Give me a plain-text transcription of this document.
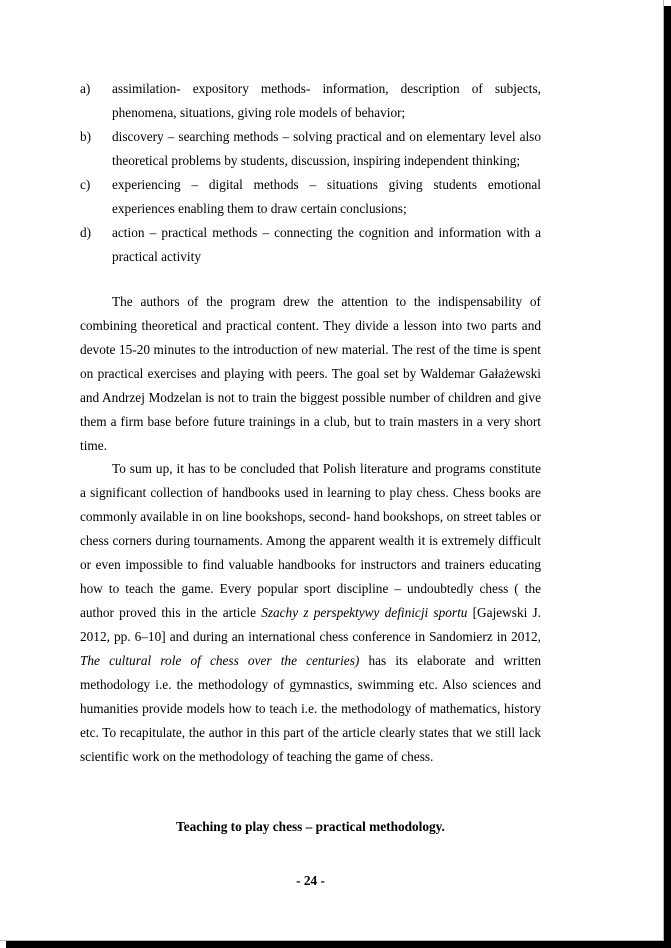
a)	assimilation- expository methods- information, description of subjects, phenomena, situations, giving role models of behavior;
b)	discovery – searching methods – solving practical and on elementary level also theoretical problems by students, discussion, inspiring independent thinking;
c)	experiencing – digital methods – situations giving students emotional experiences enabling them to draw certain conclusions;
d)	action – practical methods – connecting the cognition and information with a practical activity
The authors of the program drew the attention to the indispensability of combining theoretical and practical content. They divide a lesson into two parts and devote 15-20 minutes to the introduction of new material. The rest of the time is spent on practical exercises and playing with peers. The goal set by Waldemar Gałażewski and Andrzej Modzelan is not to train the biggest possible number of children and give them a firm base before future trainings in a club, but to train masters in a very short time.
To sum up, it has to be concluded that Polish literature and programs constitute a significant collection of handbooks used in learning to play chess. Chess books are commonly available in on line bookshops, second- hand bookshops, on street tables or chess corners during tournaments. Among the apparent wealth it is extremely difficult or even impossible to find valuable handbooks for instructors and trainers educating how to teach the game. Every popular sport discipline – undoubtedly chess ( the author proved this in the article Szachy z perspektywy definicji sportu [Gajewski J. 2012, pp. 6–10] and during an international chess conference in Sandomierz in 2012, The cultural role of chess over the centuries) has its elaborate and written methodology i.e. the methodology of gymnastics, swimming etc. Also sciences and humanities provide models how to teach i.e. the methodology of mathematics, history etc. To recapitulate, the author in this part of the article clearly states that we still lack scientific work on the methodology of teaching the game of chess.
Teaching to play chess – practical methodology.
- 24 -
